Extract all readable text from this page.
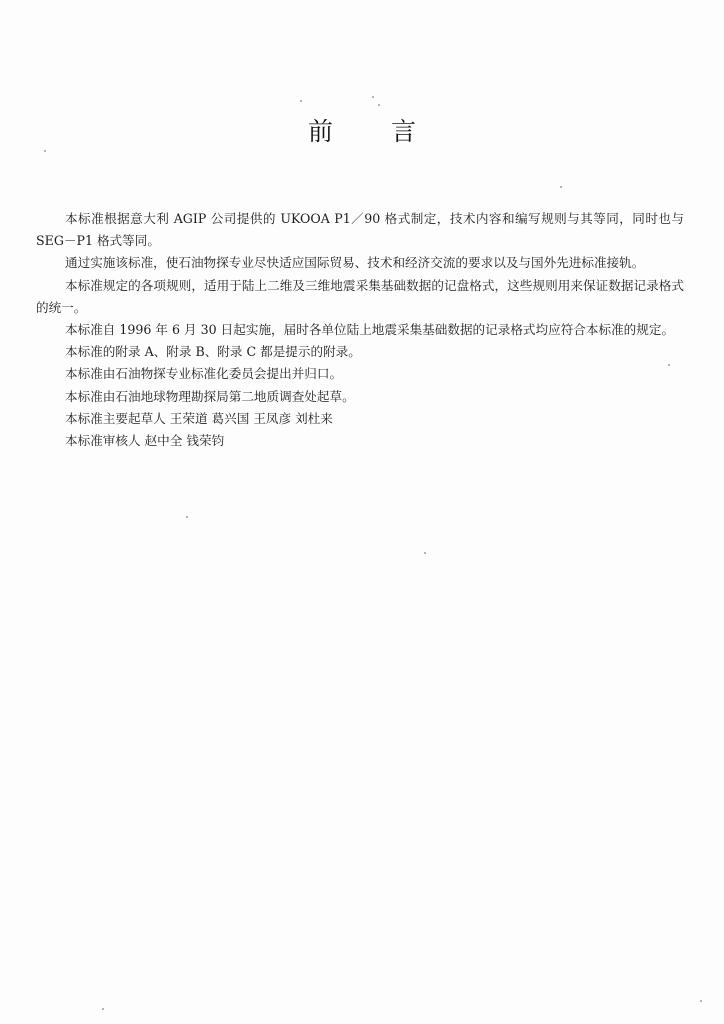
前 言

本标准根据意大利 AGIP 公司提供的 UKOOA P1／90 格式制定，技术内容和编写规则与其等同，同时也与 SEG－P1 格式等同。

通过实施该标准，使石油物探专业尽快适应国际贸易、技术和经济交流的要求以及与国外先进标准接轨。

本标准规定的各项规则，适用于陆上二维及三维地震采集基础数据的记盘格式，这些规则用来保证数据记录格式的统一。

本标准自 1996 年 6 月 30 日起实施，届时各单位陆上地震采集基础数据的记录格式均应符合本标准的规定。

本标准的附录 A、附录 B、附录 C 都是提示的附录。

本标准由石油物探专业标准化委员会提出并归口。

本标准由石油地球物理勘探局第二地质调查处起草。

本标准主要起草人 王荣道 葛兴国 王凤彦 刘杜来

本标准审核人 赵中全 钱荣钧
